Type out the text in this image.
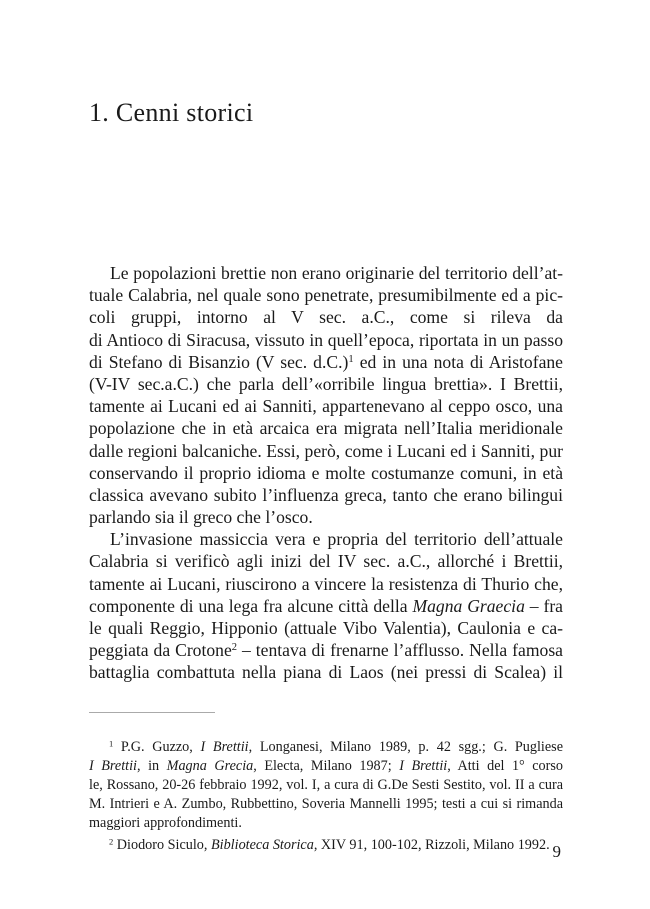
1. Cenni storici
Le popolazioni brettie non erano originarie del territorio dell’at-
tuale Calabria, nel quale sono penetrate, presumibilmente ed a pic-
coli gruppi, intorno al V sec. a.C., come si rileva da
di Antioco di Siracusa, vissuto in quell’epoca, riportata in un passo
di Stefano di Bisanzio (V sec. d.C.)$^1$ ed in una nota di Aristofane
(V-IV sec.a.C.) che parla dell’«orribile lingua brettia». I Brettii,
tamente ai Lucani ed ai Sanniti, appartenevano al ceppo osco, una
popolazione che in età arcaica era migrata nell’Italia meridionale
dalle regioni balcaniche. Essi, però, come i Lucani ed i Sanniti, pur
conservando il proprio idioma e molte costumanze comuni, in età
classica avevano subito l’influenza greca, tanto che erano bilingui
parlando sia il greco che l’osco.
L’invasione massiccia vera e propria del territorio dell’attuale
Calabria si verificò agli inizi del IV sec. a.C., allorché i Brettii,
tamente ai Lucani, riuscirono a vincere la resistenza di Thurio che,
componente di una lega fra alcune città della Magna Graecia – fra
le quali Reggio, Hipponio (attuale Vibo Valentia), Caulonia e ca-
peggiata da Crotone$^2$ – tentava di frenarne l’afflusso. Nella famosa
battaglia combattuta nella piana di Laos (nei pressi di Scalea) il
$^1$ P.G. Guzzo, I Brettii, Longanesi, Milano 1989, p. 42 sgg.; G. Pugliese
I Brettii, in Magna Grecia, Electa, Milano 1987; I Brettii, Atti del 1° corso
le, Rossano, 20-26 febbraio 1992, vol. I, a cura di G.De Sesti Sestito, vol. II a cura
M. Intrieri e A. Zumbo, Rubbettino, Soveria Mannelli 1995; testi a cui si rimanda
maggiori approfondimenti.
$^2$ Diodoro Siculo, Biblioteca Storica, XIV 91, 100-102, Rizzoli, Milano 1992. 9
